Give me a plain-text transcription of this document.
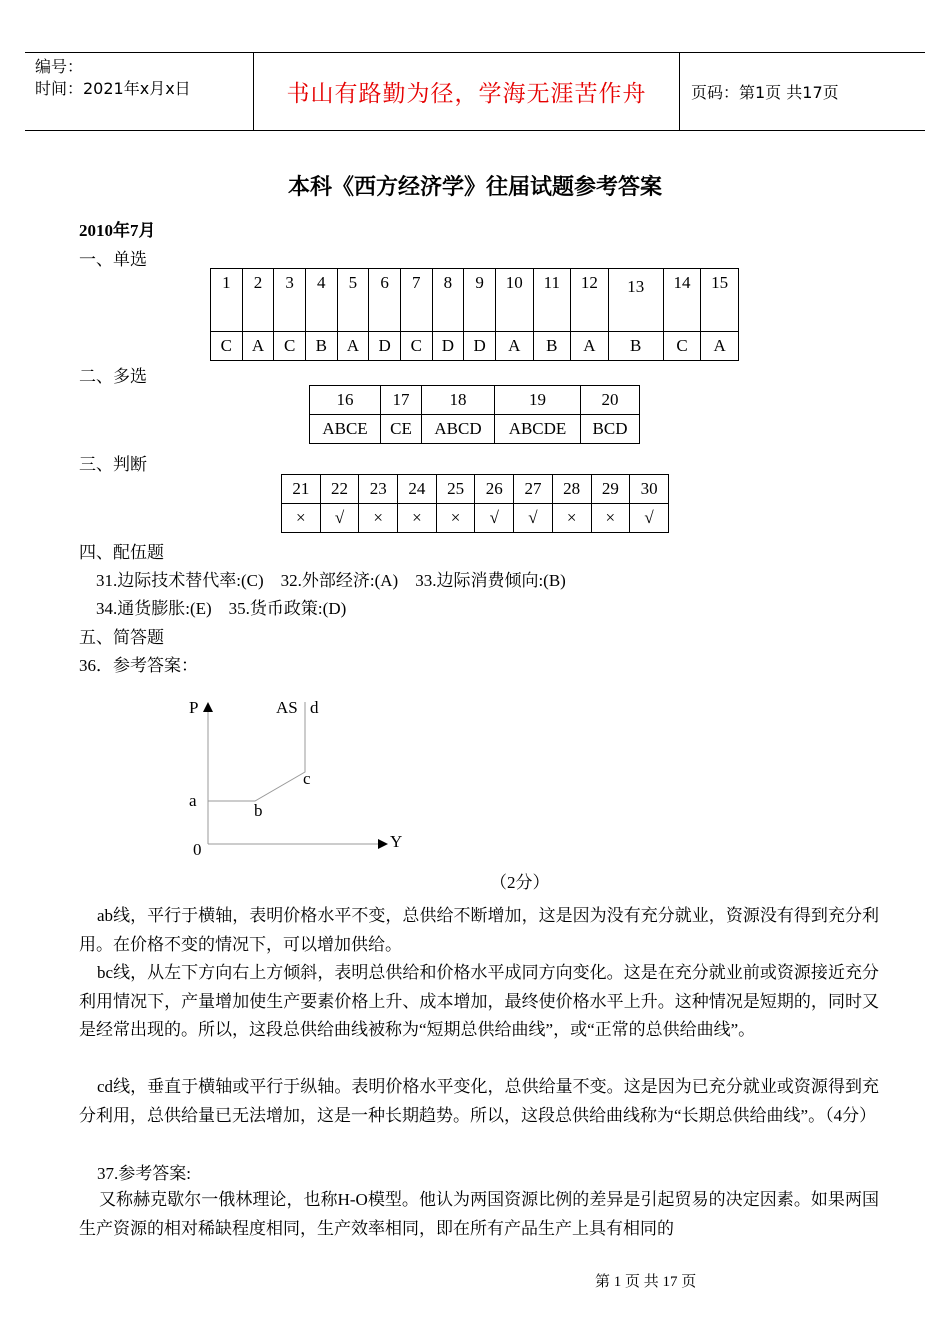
编号：
时间：2021年x月x日	书山有路勤为径，学海无涯苦作舟	页码：第1页 共17页
本科《西方经济学》往届试题参考答案
2010年7月
一、单选
1	2	3	4	5	6	7	8	9	10	11	12	13	14	15
C	A	C	B	A	D	C	D	D	A	B	A	B	C	A
二、多选
16	17	18	19	20
ABCE	CE	ABCD	ABCDE	BCD
三、判断
21	22	23	24	25	26	27	28	29	30
×	√	×	×	×	√	√	×	×	√
四、配伍题
31.边际技术替代率:(C)　32.外部经济:(A)　33.边际消费倾向:(B)
34.通货膨胀:(E)　35.货币政策:(D)
五、简答题
36．参考答案：
P
Y
AS d
c
a
b
0
（2分）
ab线，平行于横轴，表明价格水平不变，总供给不断增加，这是因为没有充分就业，资源没有得到充分利用。在价格不变的情况下，可以增加供给。
bc线，从左下方向右上方倾斜，表明总供给和价格水平成同方向变化。这是在充分就业前或资源接近充分利用情况下，产量增加使生产要素价格上升、成本增加，最终使价格水平上升。这种情况是短期的，同时又是经常出现的。所以，这段总供给曲线被称为“短期总供给曲线”，或“正常的总供给曲线”。
cd线，垂直于横轴或平行于纵轴。表明价格水平变化，总供给量不变。这是因为已充分就业或资源得到充分利用，总供给量已无法增加，这是一种长期趋势。所以，这段总供给曲线称为“长期总供给曲线”。（4分）
37.参考答案:
又称赫克歇尔一俄林理论，也称H-O模型。他认为两国资源比例的差异是引起贸易的决定因素。如果两国生产资源的相对稀缺程度相同，生产效率相同，即在所有产品生产上具有相同的
第 1 页 共 17 页
